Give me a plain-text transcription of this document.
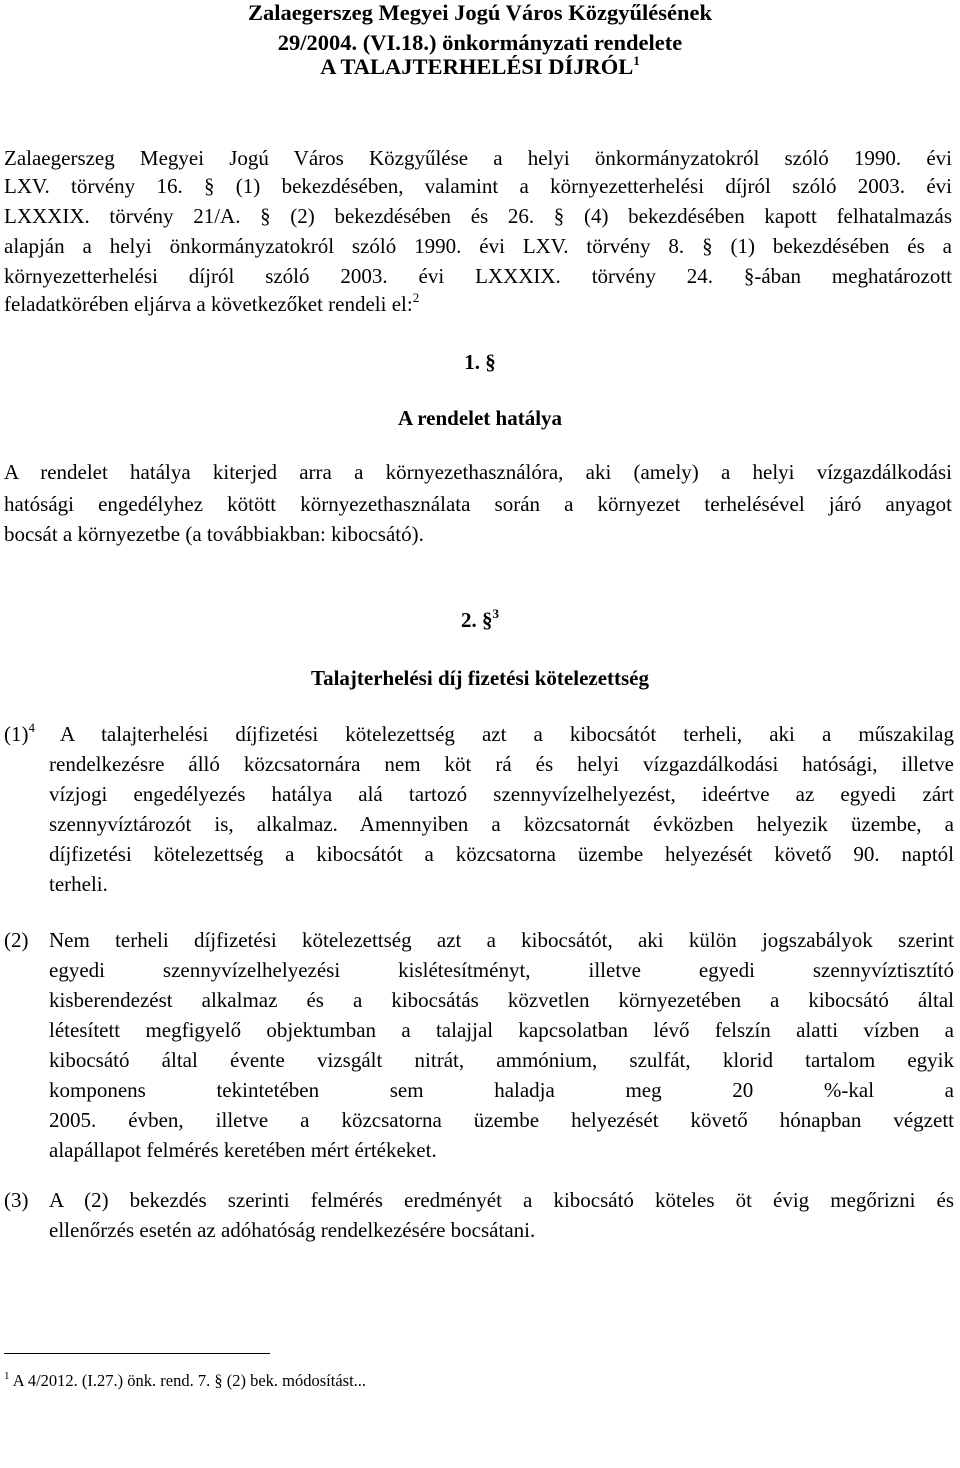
Zalaegerszeg Megyei Jogú Város Közgyűlésének
29/2004. (VI.18.) önkormányzati rendelete
A TALAJTERHELÉSI DÍJRÓL$^1$
Zalaegerszeg Megyei Jogú Város Közgyűlése a helyi önkormányzatokról szóló 1990. évi
LXV. törvény 16. § (1) bekezdésében, valamint a környezetterhelési díjról szóló 2003. évi
LXXXIX. törvény 21/A. § (2) bekezdésében és 26. § (4) bekezdésében kapott felhatalmazás
alapján a helyi önkormányzatokról szóló 1990. évi LXV. törvény 8. § (1) bekezdésében és a
környezetterhelési díjról szóló 2003. évi LXXXIX. törvény 24. §-ában meghatározott
feladatkörében eljárva a következőket rendeli el:$^2$
1. §
A rendelet hatálya
A rendelet hatálya kiterjed arra a környezethasználóra, aki (amely) a helyi vízgazdálkodási
hatósági engedélyhez kötött környezethasználata során a környezet terhelésével járó anyagot
bocsát a környezetbe (a továbbiakban: kibocsátó).
2. §$^3$
Talajterhelési díj fizetési kötelezettség
$(1)^4$ A talajterhelési díjfizetési kötelezettség azt a kibocsátót terheli, aki a műszakilag
rendelkezésre álló közcsatornára nem köt rá és helyi vízgazdálkodási hatósági, illetve
vízjogi engedélyezés hatálya alá tartozó szennyvízelhelyezést, ideértve az egyedi zárt
szennyvíztározót is, alkalmaz. Amennyiben a közcsatornát évközben helyezik üzembe, a
díjfizetési kötelezettség a kibocsátót a közcsatorna üzembe helyezését követő 90. naptól
terheli.
(2) Nem terheli díjfizetési kötelezettség azt a kibocsátót, aki külön jogszabályok szerint
egyedi szennyvízelhelyezési kislétesítményt, illetve egyedi szennyvíztisztító
kisberendezést alkalmaz és a kibocsátás közvetlen környezetében a kibocsátó által
létesített megfigyelő objektumban a talajjal kapcsolatban lévő felszín alatti vízben a
kibocsátó által évente vizsgált nitrát, ammónium, szulfát, klorid tartalom egyik
komponens tekintetében sem haladja meg 20 %-kal a
2005. évben, illetve a közcsatorna üzembe helyezését követő hónapban végzett
alapállapot felmérés keretében mért értékeket.
(3) A (2) bekezdés szerinti felmérés eredményét a kibocsátó köteles öt évig megőrizni és
ellenőrzés esetén az adóhatóság rendelkezésére bocsátani.
$^1$ A 4/2012. (I.27.) önk. rend. 7. § (2) bek. módosítást...
